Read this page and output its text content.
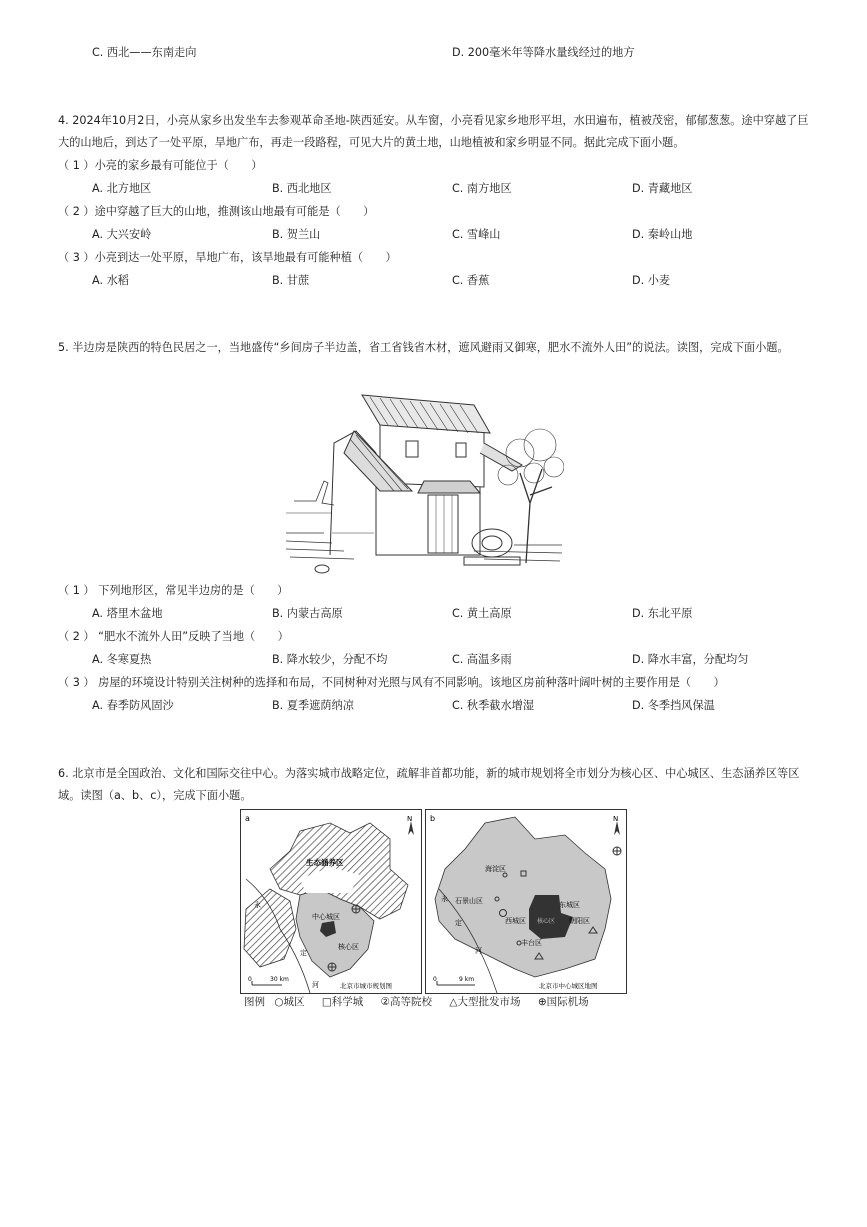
C. 西北——东南走向	D. 200毫米年等降水量线经过的地方
4. 2024年10月2日，小亮从家乡出发坐车去参观革命圣地-陕西延安。从车窗，小亮看见家乡地形平坦，水田遍布，植被茂密，郁郁葱葱。途中穿越了巨大的山地后，到达了一处平原，旱地广布，再走一段路程，可见大片的黄土地，山地植被和家乡明显不同。据此完成下面小题。
（ 1 ）小亮的家乡最有可能位于（　　）
A. 北方地区	B. 西北地区	C. 南方地区	D. 青藏地区
（ 2 ）途中穿越了巨大的山地，推测该山地最有可能是（　　）
A. 大兴安岭	B. 贺兰山	C. 雪峰山	D. 秦岭山地
（ 3 ）小亮到达一处平原，旱地广布，该旱地最有可能种植（　　）
A. 水稻	B. 甘蔗	C. 香蕉	D. 小麦
5. 半边房是陕西的特色民居之一，当地盛传“乡间房子半边盖，省工省钱省木材，遮风避雨又御寒，肥水不流外人田”的说法。读图，完成下面小题。
（ 1 ） 下列地形区，常见半边房的是（　　）
A. 塔里木盆地	B. 内蒙古高原	C. 黄土高原	D. 东北平原
（ 2 ） “肥水不流外人田”反映了当地（　　）
A. 冬寒夏热	B. 降水较少，分配不均	C. 高温多雨	D. 降水丰富，分配均匀
（ 3 ） 房屋的环境设计特别关注树种的选择和布局，不同树种对光照与风有不同影响。该地区房前种落叶阔叶树的主要作用是（　　）
A. 春季防风固沙	B. 夏季遮荫纳凉	C. 秋季截水增湿	D. 冬季挡风保温
6. 北京市是全国政治、文化和国际交往中心。为落实城市战略定位，疏解非首都功能，新的城市规划将全市划分为核心区、中心城区、生态涵养区等区域。读图（a、b、c），完成下面小题。
a	N
生态涵养区
中心城区
核心区
永
定
河
0	30 km
北京市城市规划图
b	N
海淀区
石景山区	东城区
西城区	朝阳区
丰台区
核心区
永
定
河
0	9 km
北京市中心城区地图
图例 ○城区 □科学城 ②高等院校 △大型批发市场 ⊕国际机场
